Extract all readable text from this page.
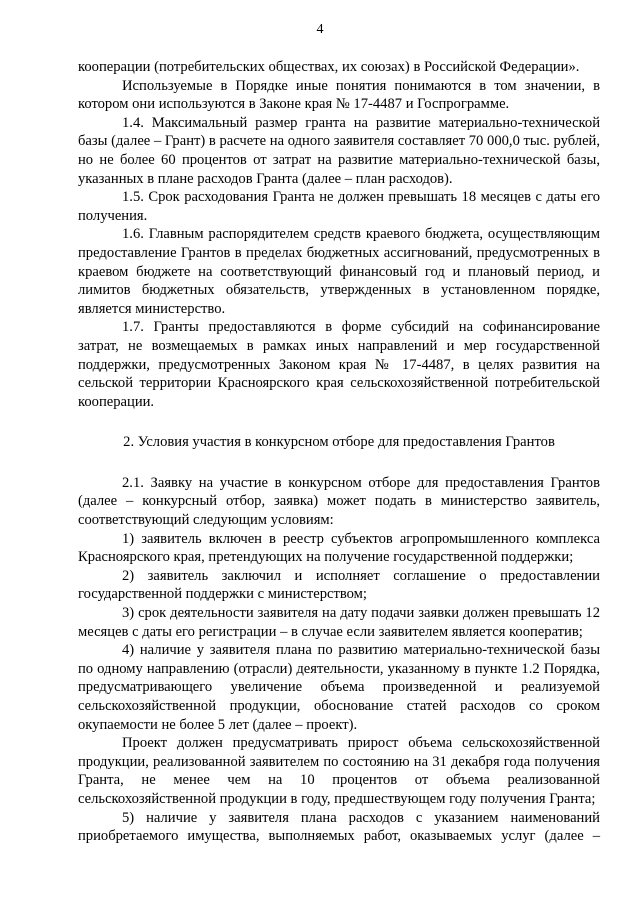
4

кооперации (потребительских обществах, их союзах) в Российской Федерации».

Используемые в Порядке иные понятия понимаются в том значении, в котором они используются в Законе края № 17-4487 и Госпрограмме.

1.4. Максимальный размер гранта на развитие материально-технической базы (далее – Грант) в расчете на одного заявителя составляет 70 000,0 тыс. рублей, но не более 60 процентов от затрат на развитие материально-технической базы, указанных в плане расходов Гранта (далее – план расходов).

1.5. Срок расходования Гранта не должен превышать 18 месяцев с даты его получения.

1.6. Главным распорядителем средств краевого бюджета, осуществляющим предоставление Грантов в пределах бюджетных ассигнований, предусмотренных в краевом бюджете на соответствующий финансовый год и плановый период, и лимитов бюджетных обязательств, утвержденных в установленном порядке, является министерство.

1.7. Гранты предоставляются в форме субсидий на софинансирование затрат, не возмещаемых в рамках иных направлений и мер государственной поддержки, предусмотренных Законом края № 17-4487, в целях развития на сельской территории Красноярского края сельскохозяйственной потребительской кооперации.

2. Условия участия в конкурсном отборе для предоставления Грантов

2.1. Заявку на участие в конкурсном отборе для предоставления Грантов (далее – конкурсный отбор, заявка) может подать в министерство заявитель, соответствующий следующим условиям:

1) заявитель включен в реестр субъектов агропромышленного комплекса Красноярского края, претендующих на получение государственной поддержки;

2) заявитель заключил и исполняет соглашение о предоставлении государственной поддержки с министерством;

3) срок деятельности заявителя на дату подачи заявки должен превышать 12 месяцев с даты его регистрации – в случае если заявителем является кооператив;

4) наличие у заявителя плана по развитию материально-технической базы по одному направлению (отрасли) деятельности, указанному в пункте 1.2 Порядка, предусматривающего увеличение объема произведенной и реализуемой сельскохозяйственной продукции, обоснование статей расходов со сроком окупаемости не более 5 лет (далее – проект).

Проект должен предусматривать прирост объема сельскохозяйственной продукции, реализованной заявителем по состоянию на 31 декабря года получения Гранта, не менее чем на 10 процентов от объема реализованной сельскохозяйственной продукции в году, предшествующем году получения Гранта;

5) наличие у заявителя плана расходов с указанием наименований приобретаемого имущества, выполняемых работ, оказываемых услуг (далее –
